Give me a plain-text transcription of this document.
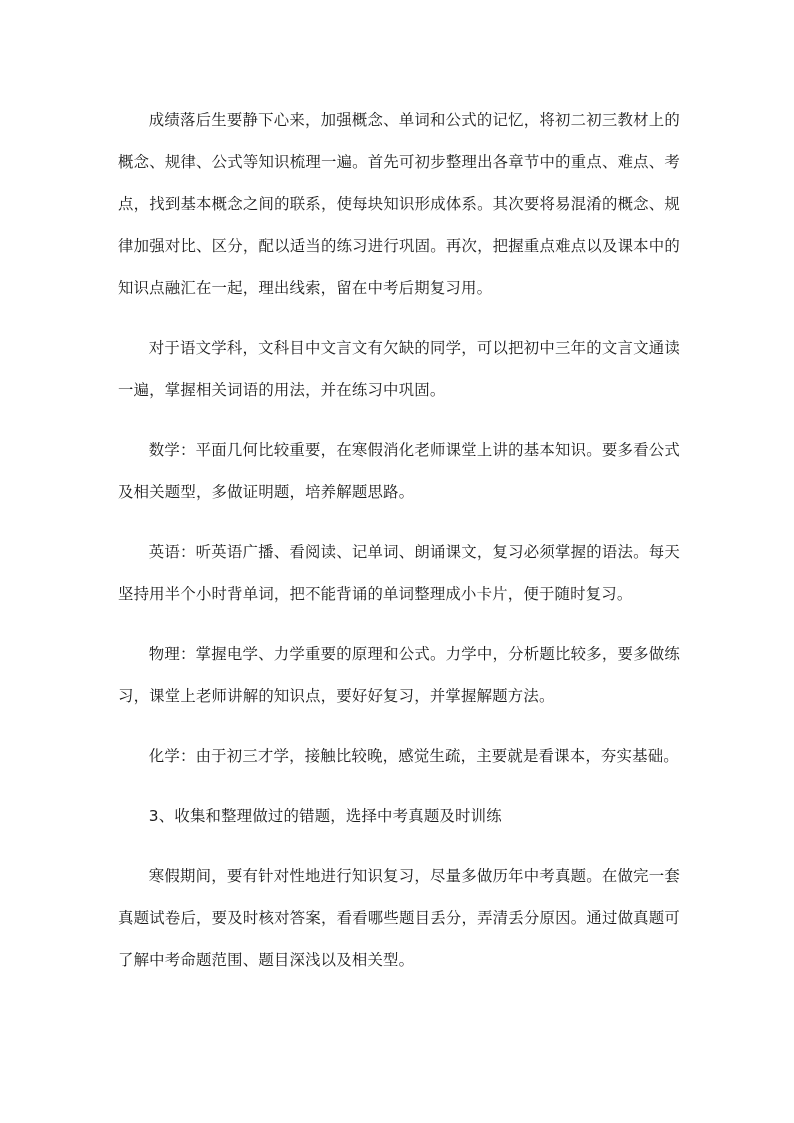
成绩落后生要静下心来，加强概念、单词和公式的记忆，将初二初三教材上的概念、规律、公式等知识梳理一遍。首先可初步整理出各章节中的重点、难点、考点，找到基本概念之间的联系，使每块知识形成体系。其次要将易混淆的概念、规律加强对比、区分，配以适当的练习进行巩固。再次，把握重点难点以及课本中的知识点融汇在一起，理出线索，留在中考后期复习用。

对于语文学科，文科目中文言文有欠缺的同学，可以把初中三年的文言文通读一遍，掌握相关词语的用法，并在练习中巩固。

数学：平面几何比较重要，在寒假消化老师课堂上讲的基本知识。要多看公式及相关题型，多做证明题，培养解题思路。

英语：听英语广播、看阅读、记单词、朗诵课文，复习必须掌握的语法。每天坚持用半个小时背单词，把不能背诵的单词整理成小卡片，便于随时复习。

物理：掌握电学、力学重要的原理和公式。力学中，分析题比较多，要多做练习，课堂上老师讲解的知识点，要好好复习，并掌握解题方法。

化学：由于初三才学，接触比较晚，感觉生疏，主要就是看课本，夯实基础。

3、收集和整理做过的错题，选择中考真题及时训练

寒假期间，要有针对性地进行知识复习，尽量多做历年中考真题。在做完一套真题试卷后，要及时核对答案，看看哪些题目丢分，弄清丢分原因。通过做真题可了解中考命题范围、题目深浅以及相关型。
